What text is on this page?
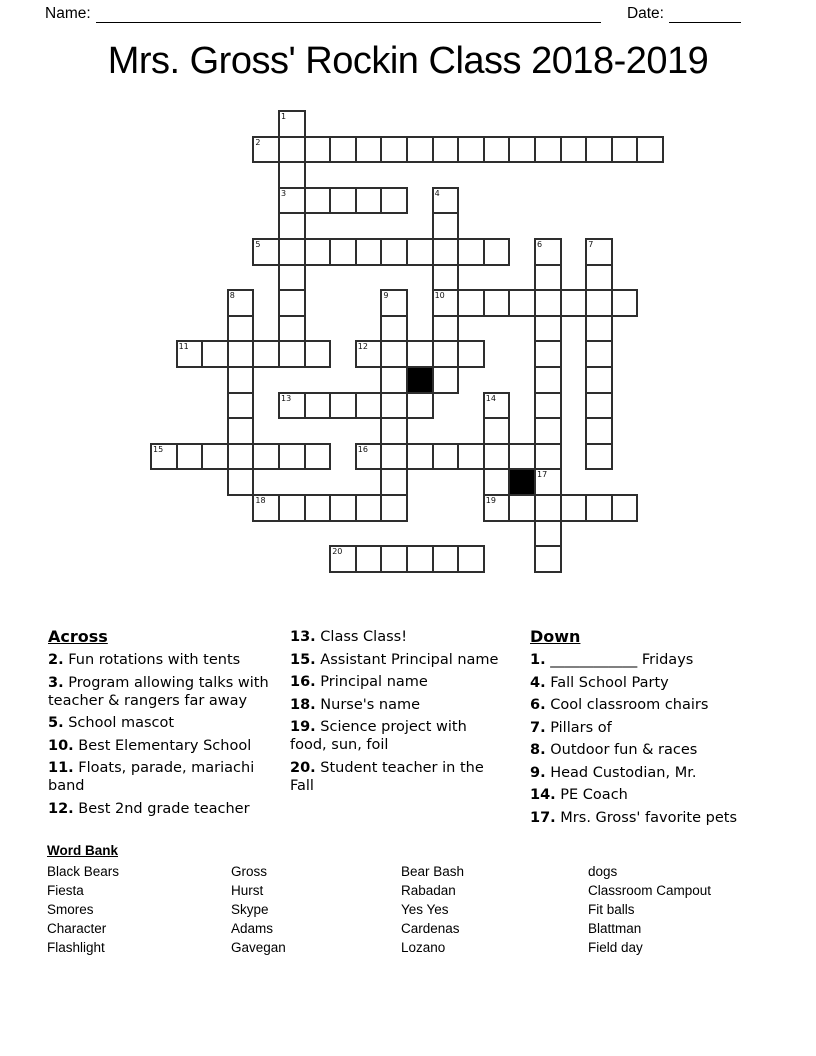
Name:	Date:
Mrs. Gross' Rockin Class 2018-2019
1
2
3	4
5	6	7
8	9	10
11	12
13	14
15	16
17
18	19
20

Across

2. Fun rotations with tents

3. Program allowing talks with teacher & rangers far away

5. School mascot

10. Best Elementary School

11. Floats, parade, mariachi band

12. Best 2nd grade teacher

13. Class Class!

15. Assistant Principal name

16. Principal name

18. Nurse's name

19. Science project with food, sun, foil

20. Student teacher in the Fall

Down

1. ____________ Fridays

4. Fall School Party

6. Cool classroom chairs

7. Pillars of

8. Outdoor fun & races

9. Head Custodian, Mr.

14. PE Coach

17. Mrs. Gross' favorite pets

Word Bank

Black Bears
Fiesta
Smores
Character
Flashlight
Gross
Hurst
Skype
Adams
Gavegan
Bear Bash
Rabadan
Yes Yes
Cardenas
Lozano
dogs
Classroom Campout
Fit balls
Blattman
Field day
